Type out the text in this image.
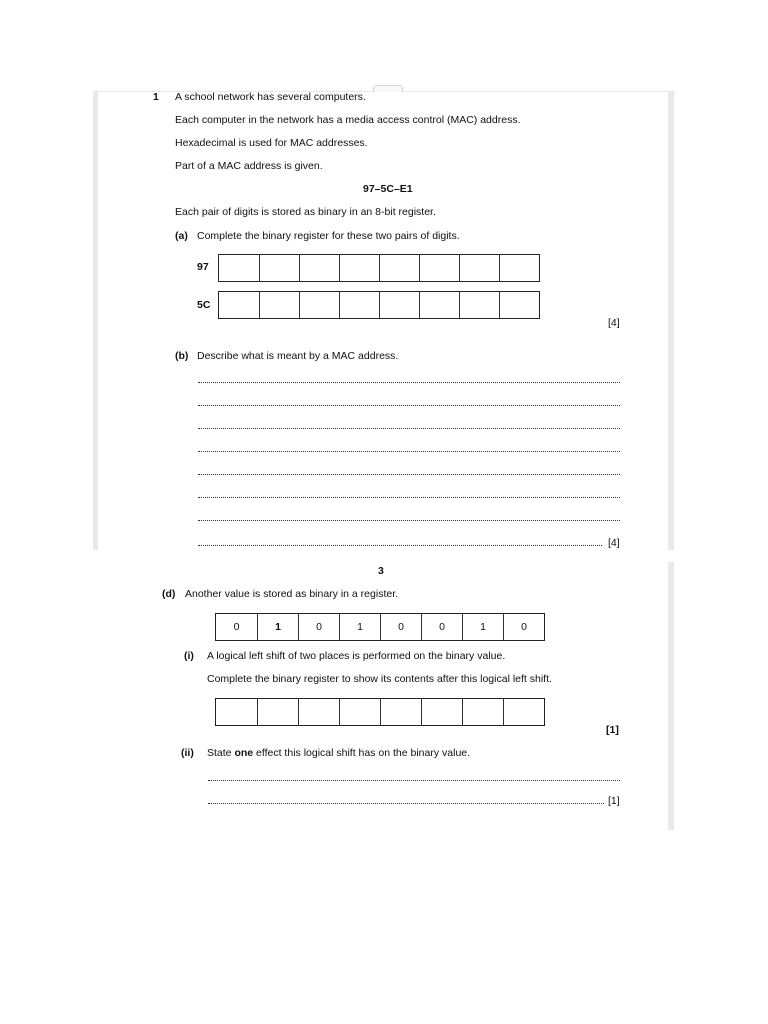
1 A school network has several computers.
Each computer in the network has a media access control (MAC) address.
Hexadecimal is used for MAC addresses.
Part of a MAC address is given.
97–5C–E1
Each pair of digits is stored as binary in an 8-bit register.
(a) Complete the binary register for these two pairs of digits.
97
5C
[4]
(b) Describe what is meant by a MAC address.
[4]
3
(d) Another value is stored as binary in a register.
0	1	0	1	0	0	1	0
(i) A logical left shift of two places is performed on the binary value.
Complete the binary register to show its contents after this logical left shift.
[1]
(ii) State one effect this logical shift has on the binary value.
[1]
